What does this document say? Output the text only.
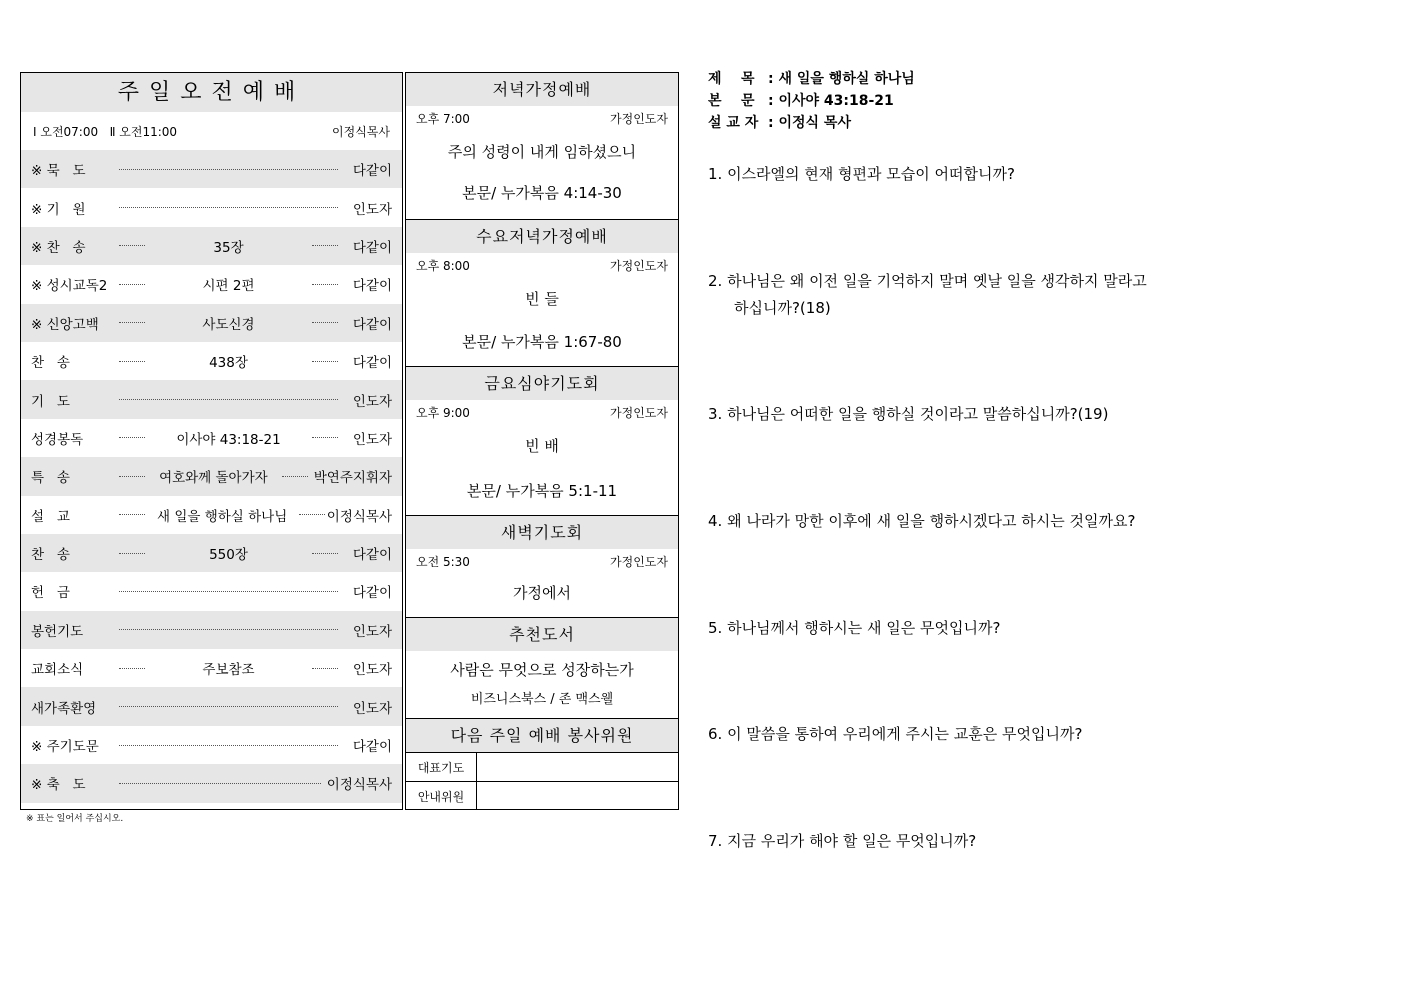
주일오전예배
Ⅰ 오전07:00   Ⅱ 오전11:00	이정식목사
※ 묵   도	다같이
※ 기   원	인도자
※ 찬   송	35장	다같이
※ 성시교독2	시편 2편	다같이
※ 신앙고백	사도신경	다같이
찬   송	438장	다같이
기   도	인도자
성경봉독	이사야 43:18-21	인도자
특   송	여호와께 돌아가자	박연주지휘자
설   교	새 일을 행하실 하나님	이정식목사
찬   송	550장	다같이
헌   금	다같이
봉헌기도	인도자
교회소식	주보참조	인도자
새가족환영	인도자
※ 주기도문	다같이
※ 축   도	이정식목사
※ 표는 일어서 주십시오.
저녁가정예배
오후 7:00	가정인도자
주의 성령이 내게 임하셨으니
본문/ 누가복음 4:14-30
수요저녁가정예배
오후 8:00	가정인도자
빈 들
본문/ 누가복음 1:67-80
금요심야기도회
오후 9:00	가정인도자
빈 배
본문/ 누가복음 5:1-11
새벽기도회
오전 5:30	가정인도자
가정에서
추천도서
사람은 무엇으로 성장하는가
비즈니스북스 / 존 맥스웰
다음 주일 예배 봉사위원
대표기도
안내위원
제    목 : 새 일을 행하실 하나님
본    문 : 이사야 43:18-21
설 교 자 : 이정식 목사
1. 이스라엘의 현재 형편과 모습이 어떠합니까?
2. 하나님은 왜 이전 일을 기억하지 말며 옛날 일을 생각하지 말라고
하십니까?(18)
3. 하나님은 어떠한 일을 행하실 것이라고 말씀하십니까?(19)
4. 왜 나라가 망한 이후에 새 일을 행하시겠다고 하시는 것일까요?
5. 하나님께서 행하시는 새 일은 무엇입니까?
6. 이 말씀을 통하여 우리에게 주시는 교훈은 무엇입니까?
7. 지금 우리가 해야 할 일은 무엇입니까?
